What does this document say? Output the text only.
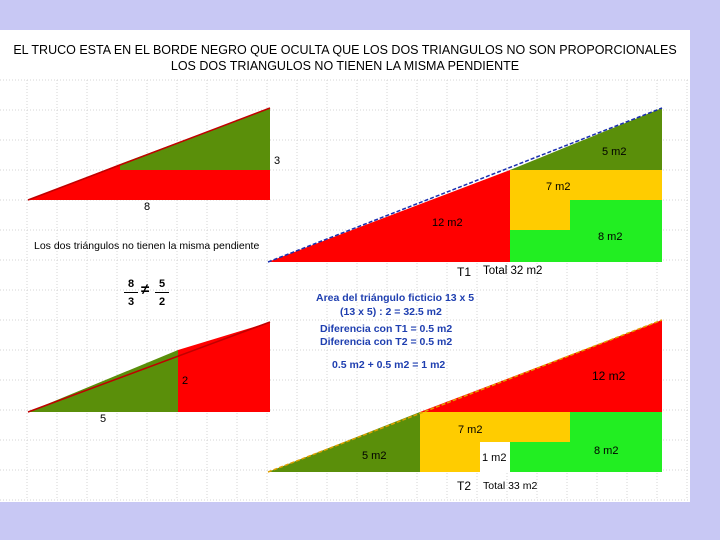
EL TRUCO ESTA EN EL BORDE NEGRO QUE OCULTA QUE LOS DOS TRIANGULOS NO SON PROPORCIONALES
LOS DOS TRIANGULOS NO TIENEN LA MISMA PENDIENTE
3
8
Los dos triángulos no tienen la misma pendiente
$\frac{8}{3} \ne \frac{5}{2}$
2
5
5 m2
7 m2
12 m2
8 m2
T1 Total 32 m2
Area del triángulo ficticio 13 x 5
(13 x 5) : 2 = 32.5 m2
Diferencia con T1 = 0.5 m2
Diferencia con T2 = 0.5 m2
0.5 m2 + 0.5 m2 = 1 m2
12 m2
7 m2
5 m2	1 m2
8 m2
T2 Total 33 m2
